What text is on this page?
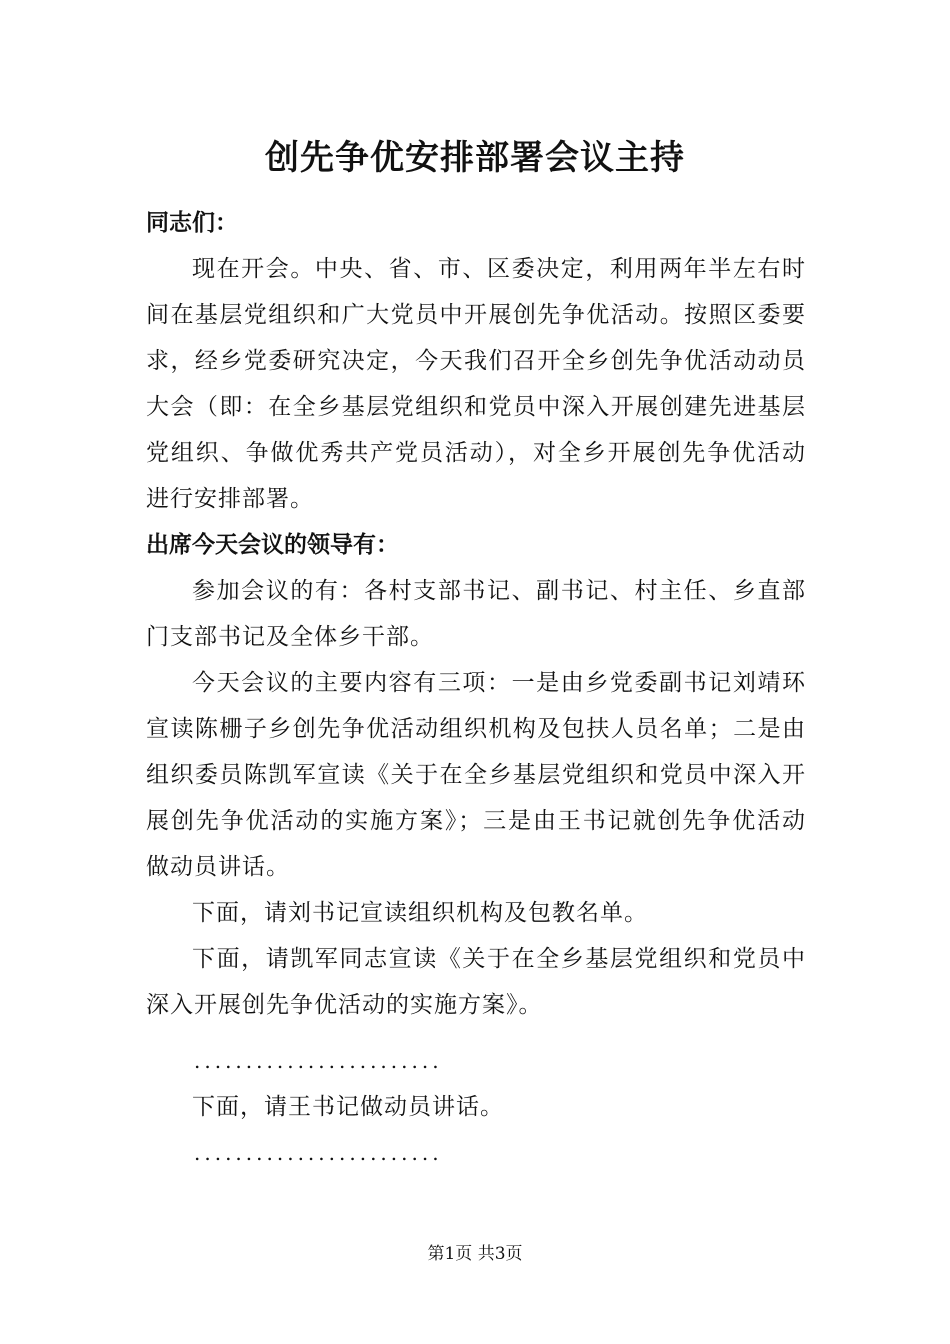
创先争优安排部署会议主持

同志们：

现在开会。中央、省、市、区委决定，利用两年半左右时间在基层党组织和广大党员中开展创先争优活动。按照区委要求，经乡党委研究决定，今天我们召开全乡创先争优活动动员大会（即：在全乡基层党组织和党员中深入开展创建先进基层党组织、争做优秀共产党员活动），对全乡开展创先争优活动进行安排部署。

出席今天会议的领导有：

参加会议的有：各村支部书记、副书记、村主任、乡直部门支部书记及全体乡干部。

今天会议的主要内容有三项：一是由乡党委副书记刘靖环宣读陈栅子乡创先争优活动组织机构及包扶人员名单；二是由组织委员陈凯军宣读《关于在全乡基层党组织和党员中深入开展创先争优活动的实施方案》；三是由王书记就创先争优活动做动员讲话。

下面，请刘书记宣读组织机构及包教名单。

下面，请凯军同志宣读《关于在全乡基层党组织和党员中深入开展创先争优活动的实施方案》。

........................

下面，请王书记做动员讲话。

........................

第1页 共3页
